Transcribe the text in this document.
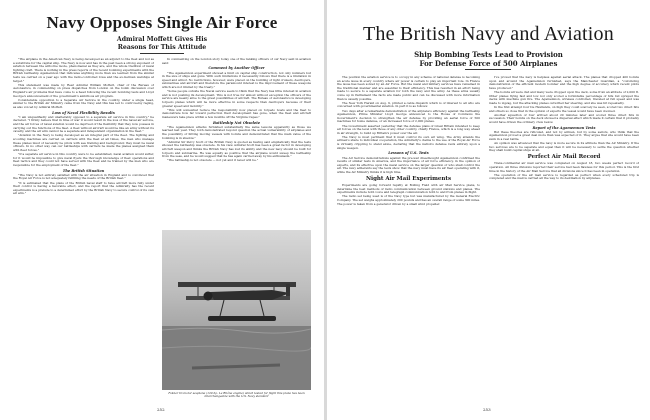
Navy Opposes Single Air Force
Admiral Moffett Gives His
Reasons for This Attitude

"The airplane in the American Navy is being developed as an adjunct to the fleet and not as a substitute for the capital ship. The Navy is now and has in the past been a strong exponent of aviation between the airborne mode, phenomenal as they are, and the whole tradition of naval fighting craft. There is nothing in the press reports of the recent bombing experiments with the British battleship Agamemnon that indicates anything more than we learned from the similar tests we carried on a year ago with the radio-controlled Iowa and the ex-German warships at target."

This statement was made by Rear Admiral William Moffett, chief of the Bureau of Aeronautics, in commenting on press dispatches from London on the bomb discussion over England's air problems that have come to a head following the recent bombing tests and Lloyd George's announcement of the government's ambitious air program.

Considerable opposition to a Separate Air Service in the country, under a single head, similar to the British Air Ministry came from the Navy and this has led to controversy raging, as also voiced by Admiral Moffett.

Loss of Naval Flexibility Results

"I am unqualifiedly and unalterably opposed to a separate air service in this country," he declared. "I firmly believe that in time of war it would result in the loss of the naval air service, and the air forces of naval aviation would be deprived of the flexibility that they now possess in carrying out the functions of the fleet. A fleet without aircraft would be like an army without its cavalry, and the air arm cannot be a separate and independent organization in the fleet."

"Aviation in the Navy is being developed as an integral part of the fleet. The fighting and scouting machines are carried on carriers with the fleet at all times, the men who manage these planes must of necessity be pilots with sea training and background; they must be naval officers. In no other way can our battleships with carriers be made the planes assigned them with fleet forces."

"If a separate air service in this country were to be established, naval aviation would suffer, for it would be impossible to give naval flyers the thorough knowledge of fleet operations and fleet tactics and they could not have served with the fleet and be trained by the men who are responsible for the employment of the fleet."

The British Situation

"The Navy is not entirely satisfied with the air situation in England and is convinced that the Royal Air Force is not adequately fulfilling the needs of the British fleet."

"It is estimated that the plans of the British naval staff to have aircraft more fully under their control is having a favorable effect, and the report that the Admiralty has the recent experiments is a prelude to a determined effort by the British Navy to secure control of its own air arm."

In commenting on the London story today one of the ranking officers of our Navy sent in aviation said:

Comment by Another Officer

"The Agamemnon experiment showed a limit on capital ship construction, not only numbers but in the size of ships and guns. With such limitations it necessarily follows that there is a limitation in speed and armor. No restrictions, however, were placed on the building of light cruisers, destroyers, submarines and aircraft and therefore the paramount interest is the improvement of these weapons which are not limited by the treaty."

"Some people outside the Naval service seem to think that the Navy has little interest in aviation and is not pushing its development. This is not true for almost without exception the officers of the service are keenly alive to the great possibilities of aircraft. The Bureau of Aeronautics is developing torpedo planes which will be more effective in some respects than destroyers because of their greater speed and mobility."

"This will somewhat reduce the responsibility now placed on torpedo boats and the fleet to demonstrate how far toward perfection their development has gone, when the fleet and aircraft maneuvers take place within a few months off the Virginia Capes."

Battleship Not Obsolete

"The Agamemnon attacks furnished substantially the same lessons apparently as those we learned last year. They both demonstrated beyond question the actual vulnerability of airplanes and the possibility of hitting moving vessels with bombs and demonstrated that the main value of the bombing is in shadow."

"Admiral Sir Percy Scott of the British Navy is quoted as having said emphatically that the tests showed the battleship was obsolete. In his view Admiral Scott has been a great factor in developing aircraft weapon and thinks the British Navy has lost its ability and the new navy should be built for torpedo and submarine. He was equally as positive that the airplane would sweep the battleship from the seas, and he would suggest that he has again carried away by his enthusiasm."

"The battleship is not obsolete — not yet and it never will be."

Fokker tri-motor seaplane (120 hp. Le Rhône engine) which tested for flight this plane has been interchangeable with the U.S. Navy standard
252
The British Navy and Aviation
Ship Bombing Tests Lead to Provision
For Defense Force of 500 Airplanes

The position the aviation service is to occupy in any scheme of national defense is becoming an acute issue in every country where air power is certain to play an important role. In France the issue has been solved by an Air Force. But the naval and military services have remained in the traditional manner and are essential to their efficiency. This has resulted in an effort being made to secure to a separate aviation for both the navy and the army. As these arms usually come up in Parliament the facts are made public and can be discussed with more information than is usually possible.

The New York Herald on Aug. 9, printed a cable dispatch which is of interest to all who are concerned with governmental aviation. In part it is as follows:

Two days after a remarkable demonstration of the airplane's efficiency against the battleship Agamemnon, Prime Minister Lloyd George announced to the House of Commons the Government's decision to strengthen the air defense by providing an aerial force of 500 machines for home defense, or an increased force of 2,000 planes.

The Government asserted yesterday that the defense plans of Great Britain intended to keep air forces on the level with those of any other country, chiefly France, which is a long way ahead in air strength, to build up Britain's power over the air.

The Navy is most pertinent that it must control its own air wing. The Army attends the airmen's share to individual cooperation, the Admiralty's claims to the use of the Royal Air Force is virtually crippling to stand alone, declaring that the nation's defense rests entirely upon a single weapon.

Lessons of U.S. Tests

The Air Service demonstrations against the pre-war dreadnought Agamemnon confirmed the results of similar tests in America, and the importance of air force efficiency, in the opinion of experts, and its effective upon the naval service on the larger question of who shall control the air. The navy adherents say the tests show that the navy must have its air fleet operating with it, while the Air Ministry thinks it is high time.

Night Air Mail Experiments

Experiments are going forward rapidly at Bolling Field with air Mail Service plans, to determine the best methods of radio communication between ground stations and planes. The experiments include both voice and telegraph communication both to and from planes in flight.

The radio set being used is of the Navy type but was manufactured by the General Electric Company. The set weighs approximately 200 pounds and has an overall range of some 300 miles. The power is taken from a generator driven by a small wind propeller.

I've proved that the navy is helpless against aerial attack. The planes that dropped 400 bombs upon and around the Agamemnon furnished, says the Manchester Guardian, a "convincing demonstration of the efficient modern bomber and the high degree of accuracy which recent pilots have produced."

The bombs all were dud and many were dropped upon the deck, some from an altitude of 2,000 ft. Other planes flying fast and low not only scored a formidable percentage of hits but sprayed the decks with machine gun fire. The Agamemnon, wireless controlled, traveled at full speed and was made to zigzag, but the attacking planes outwitted her steering, and she was hit repeatedly.

In the first attempt four De Havilands, on high they could scarcely be seen, scored two direct hits and others so close that in the opinion of experts the vessel would have been doomed.

Another squadron of four arrived about 20 minutes later and scored three direct hits in succession. Their bombs on the deck showed a dispersal effect which made it certain that it probably would have driven the ordinary crew below.

Report of the Agamemnon Tests

But these theories are ridiculed, and not by airmen, but by some sailors, who think that the Agamemnon proved a great deal more than was expected of it. They argue that she would have been sunk in a real battle.

An opinion was advanced that the navy is more secure in its attitude than the Air Ministry. If the two services are to be separate and equal then it will be necessary to settle the question whether they shall build capital ships at all.

Perfect Air Mail Record

Trans-continental air mail service was completed on August 18, two weeks perfect record of operation. All three divisions reported their service had been flawless for this period. This is the first time in the history of the Air Mail Service that all divisions since it has been in operation.

The operation of the air mail service is regarded as perfect when every scheduled trip is completed and the mail is carried all the way to its destination by airplanes.

253
